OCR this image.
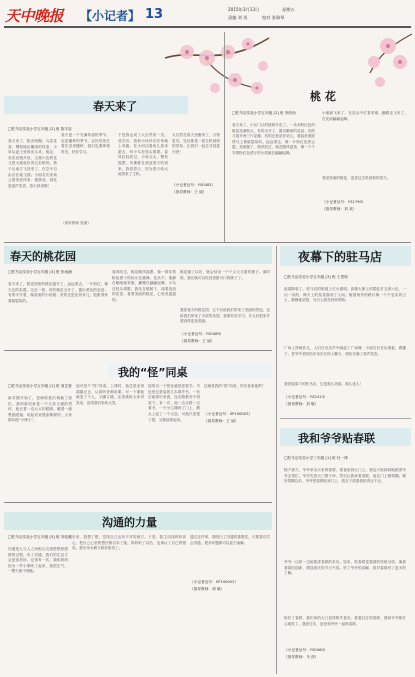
天中晚报 【小记者】 13	2015年3月13日	星期五
责编 刘 英	校对 张瑞琴
春天来了
□驻马店实验小学五年级 [2] 班 陈宇宸
春天来了，阳光明媚，鸟语花香。柳树抽出嫩绿的枝条，小草从泥土里探出头来，桃花、杏花竞相开放，五颜六色的花儿把大地装扮得五彩缤纷。燕子从南方飞回来了，在空中自由自在地飞翔。小朋友们来到公园里放风筝、做游戏，到处是欢声笑语，春天真美啊！
春天是一个充满希望的季节，也是播种的季节。农民伯伯忙着在田里播种，我们也要珍惜时光，好好学习。
（指导教师 张丽）
于是我也成了大自然的一员。放学后，我和小伙伴们在草地上奔跑，在小河边看鱼儿游来游去，听小鸟在枝头唱歌。春风轻轻吹过，小草点头，柳枝摇摆，仿佛都在欢迎春天的到来。我爱春天，因为春天给大地带来了生机。
大自然在春天里醒来了，万物复苏，处处都是一派生机勃勃的景象。让我们一起去寻找春天吧！
（小记者证号：YS0481）
（指导教师：王 丽）
桃 花
□驻马店实验小学五年级 [2] 班 李欣怡
春天来了，小区门口的桃树开花了。一朵朵粉红色的桃花挂满枝头，有的全开了，露出嫩黄的花蕊；有的才展开两三片花瓣；有的还是花骨朵儿，看起来饱胀得马上要破裂似的。远远望去，像一片粉红色的云霞，美丽极了。微风吹过，桃花随风摇曳，像一个个穿着粉红色裙子的小姑娘在翩翩起舞。
小蜜蜂飞来了，在花丛中忙着采蜜；蝴蝶也飞来了，在花间翩翩起舞。
我爱美丽的桃花，更爱这生机勃勃的春天。
（小记者证号：YS1790）
（指导教师：刘 欢）
春天的桃花园
□驻马店实验小学五年级 [3] 班 张雨涵
春天来了，桃花园里的桃花盛开了。远远望去，一片粉红，像天边的彩霞。走近一看，有的桃花全开了，露出黄色的花蕊；有的半开着，像害羞的小姑娘；有的还是花骨朵儿，饱胀得快要破裂似的。
春风吹过，桃花随风摇摆，像一群穿着粉色裙子的仙女在跳舞。花丛中，蜜蜂在嗡嗡地采蜜，蝴蝶在翩翩起舞，小鸟在枝头唱歌。我站在桃树下，闻着淡淡的花香，看着美丽的桃花，心里美滋滋的。
桃花谢了以后，就会结出一个个又大又甜的桃子。那时候，我们就可以吃到香甜可口的桃子了。
我爱春天的桃花园，它不仅给我们带来了美丽的景色，还给我们带来了丰收的希望。我要好好学习，长大后把家乡建设得更加美丽。
（小记者证号：YS0489）
（指导教师：王 丽）
夜幕下的驻马店
□驻马店实验小学五年级 [3] 班 王思琪
夜幕降临了，驻马店的街道上灯火通明。高楼大厦上的霓虹灯五颜六色，一闪一闪的，像天上的星星落到了人间。街道两旁的路灯像一个个忠实的卫士，静静地站着，为行人照亮回家的路。
广场上热闹非凡，人们在音乐声中跳起了广场舞，小朋友们在玩滑板、踢毽子，老爷爷老奶奶们坐在长椅上聊天，到处充满了欢声笑语。
我爱夜幕下的驻马店，它是那么美丽、那么迷人！
（小记者证号：YS2413）
（指导教师：刘 敏）
我的“怪”同桌
□驻马店实验小学五年级 [1] 班 周芷萱
新学期开始了，老师给我们调换了座位。我的新同桌是一个又高又瘦的男孩，他长着一双大大的眼睛，戴着一副黑框眼镜，说起话来慢条斯理的，大家都叫他“小博士”。
他可是个“怪”同桌。上课时，他总是坐得端端正正，认真听老师讲课，可一下课他就变了个人，又蹦又跳，还喜欢给大家讲笑话，逗得我们哈哈大笑。
他的另一个怪处就是爱看书，书包里总是装着几本课外书，一有空就拿出来看，连走路都舍不得放下。有一次，他一边走路一边看书，一不小心撞到了门上，额头上起了一个大包，可他只是揉了揉，又继续看起来。
这就是我的“怪”同桌，你们喜欢他吗？
（小记者证号：SP190003）
（指导教师：王 丽）
我和爷爷贴春联
□驻马店实验小学三年级 [1] 班 杜一博
除夕那天，爷爷拿出买来的春联，准备贴到大门上。我也兴致勃勃地跟着爷爷去帮忙。爷爷先把大门擦干净，然后让我拿着春联，他往门上刷浆糊。刷好浆糊以后，爷爷把春联贴到门上，我在下面看看贴得正不正。
爷爷一边贴一边给我讲春联的来历。原来，贴春联是我国的传统习俗，寓意着辞旧迎新、增加喜庆的节日气氛。听了爷爷的讲解，我对春联有了更多的了解。
贴好了春联，我们家的大门显得格外喜庆。看着红红的春联，我和爷爷都开心地笑了。我爱过年，更爱和爷爷一起贴春联。
（小记者证号：YS0460）
（指导教师：马 萍）
沟通的力量
□驻马店实验小学五年级 [5] 班 刘佳璐
沟通是人与人之间相互交流思想和感情的过程。有了沟通，我们的生活才会更加美好。记得有一次，我和妈妈因为一件小事吵了起来，我很生气，一整天都不理她。
后来，我想了想，觉得自己也有不对的地方。于是，我主动找妈妈谈心，把自己心里的想法都告诉了她。妈妈听了以后，也承认了自己的错误。我们母女俩又和好如初了。
通过这件事，我明白了沟通的重要性。只要我们学会沟通，很多问题都可以迎刃而解。
（小记者证号：SP190002）
（指导教师：徐 敏）
